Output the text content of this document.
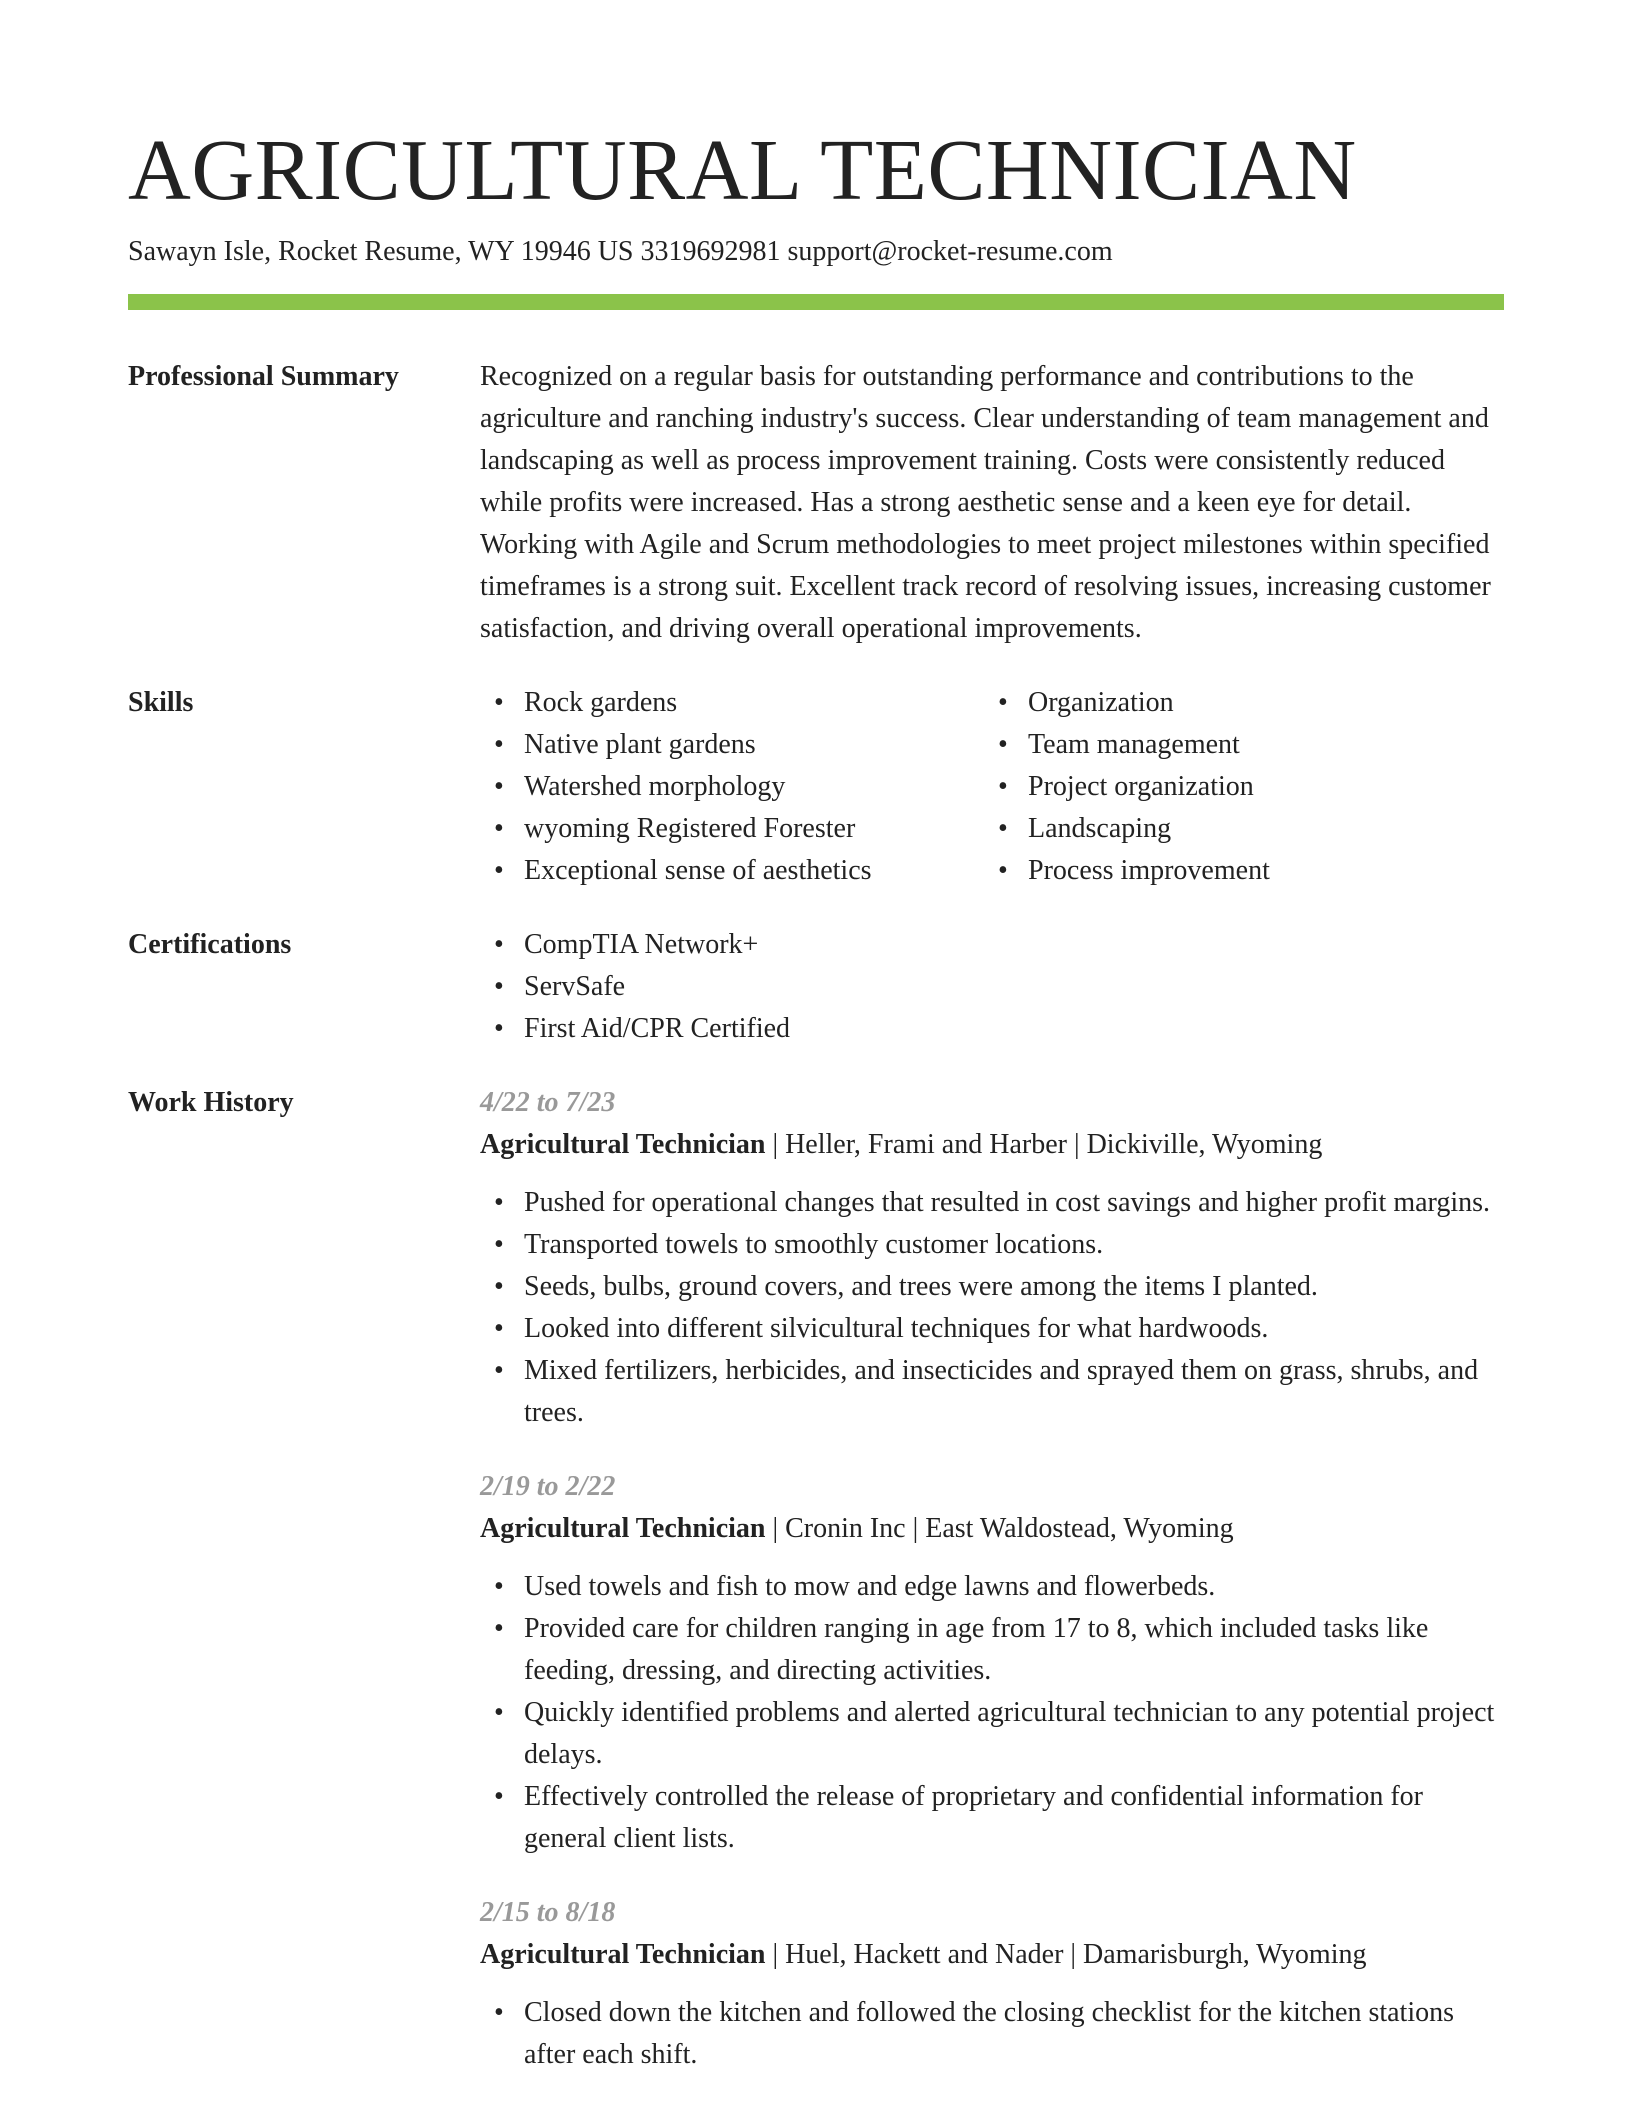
AGRICULTURAL TECHNICIAN
Sawayn Isle, Rocket Resume, WY 19946 US 3319692981 support@rocket-resume.com
Professional Summary	Recognized on a regular basis for outstanding performance and contributions to the agriculture and ranching industry's success. Clear understanding of team management and landscaping as well as process improvement training. Costs were consistently reduced while profits were increased. Has a strong aesthetic sense and a keen eye for detail. Working with Agile and Scrum methodologies to meet project milestones within specified timeframes is a strong suit. Excellent track record of resolving issues, increasing customer satisfaction, and driving overall operational improvements.

Skills	• Rock gardens
• Native plant gardens
• Watershed morphology
• wyoming Registered Forester
• Exceptional sense of aesthetics
• Organization
• Team management
• Project organization
• Landscaping
• Process improvement
Certifications	• CompTIA Network+
• ServSafe
• First Aid/CPR Certified
Work History	4/22 to 7/23
Agricultural Technician | Heller, Frami and Harber | Dickiville, Wyoming
• Pushed for operational changes that resulted in cost savings and higher profit margins.
• Transported towels to smoothly customer locations.
• Seeds, bulbs, ground covers, and trees were among the items I planted.
• Looked into different silvicultural techniques for what hardwoods.
• Mixed fertilizers, herbicides, and insecticides and sprayed them on grass, shrubs, and trees.
2/19 to 2/22
Agricultural Technician | Cronin Inc | East Waldostead, Wyoming
• Used towels and fish to mow and edge lawns and flowerbeds.
• Provided care for children ranging in age from 17 to 8, which included tasks like feeding, dressing, and directing activities.
• Quickly identified problems and alerted agricultural technician to any potential project delays.
• Effectively controlled the release of proprietary and confidential information for general client lists.
2/15 to 8/18
Agricultural Technician | Huel, Hackett and Nader | Damarisburgh, Wyoming
• Closed down the kitchen and followed the closing checklist for the kitchen stations after each shift.
